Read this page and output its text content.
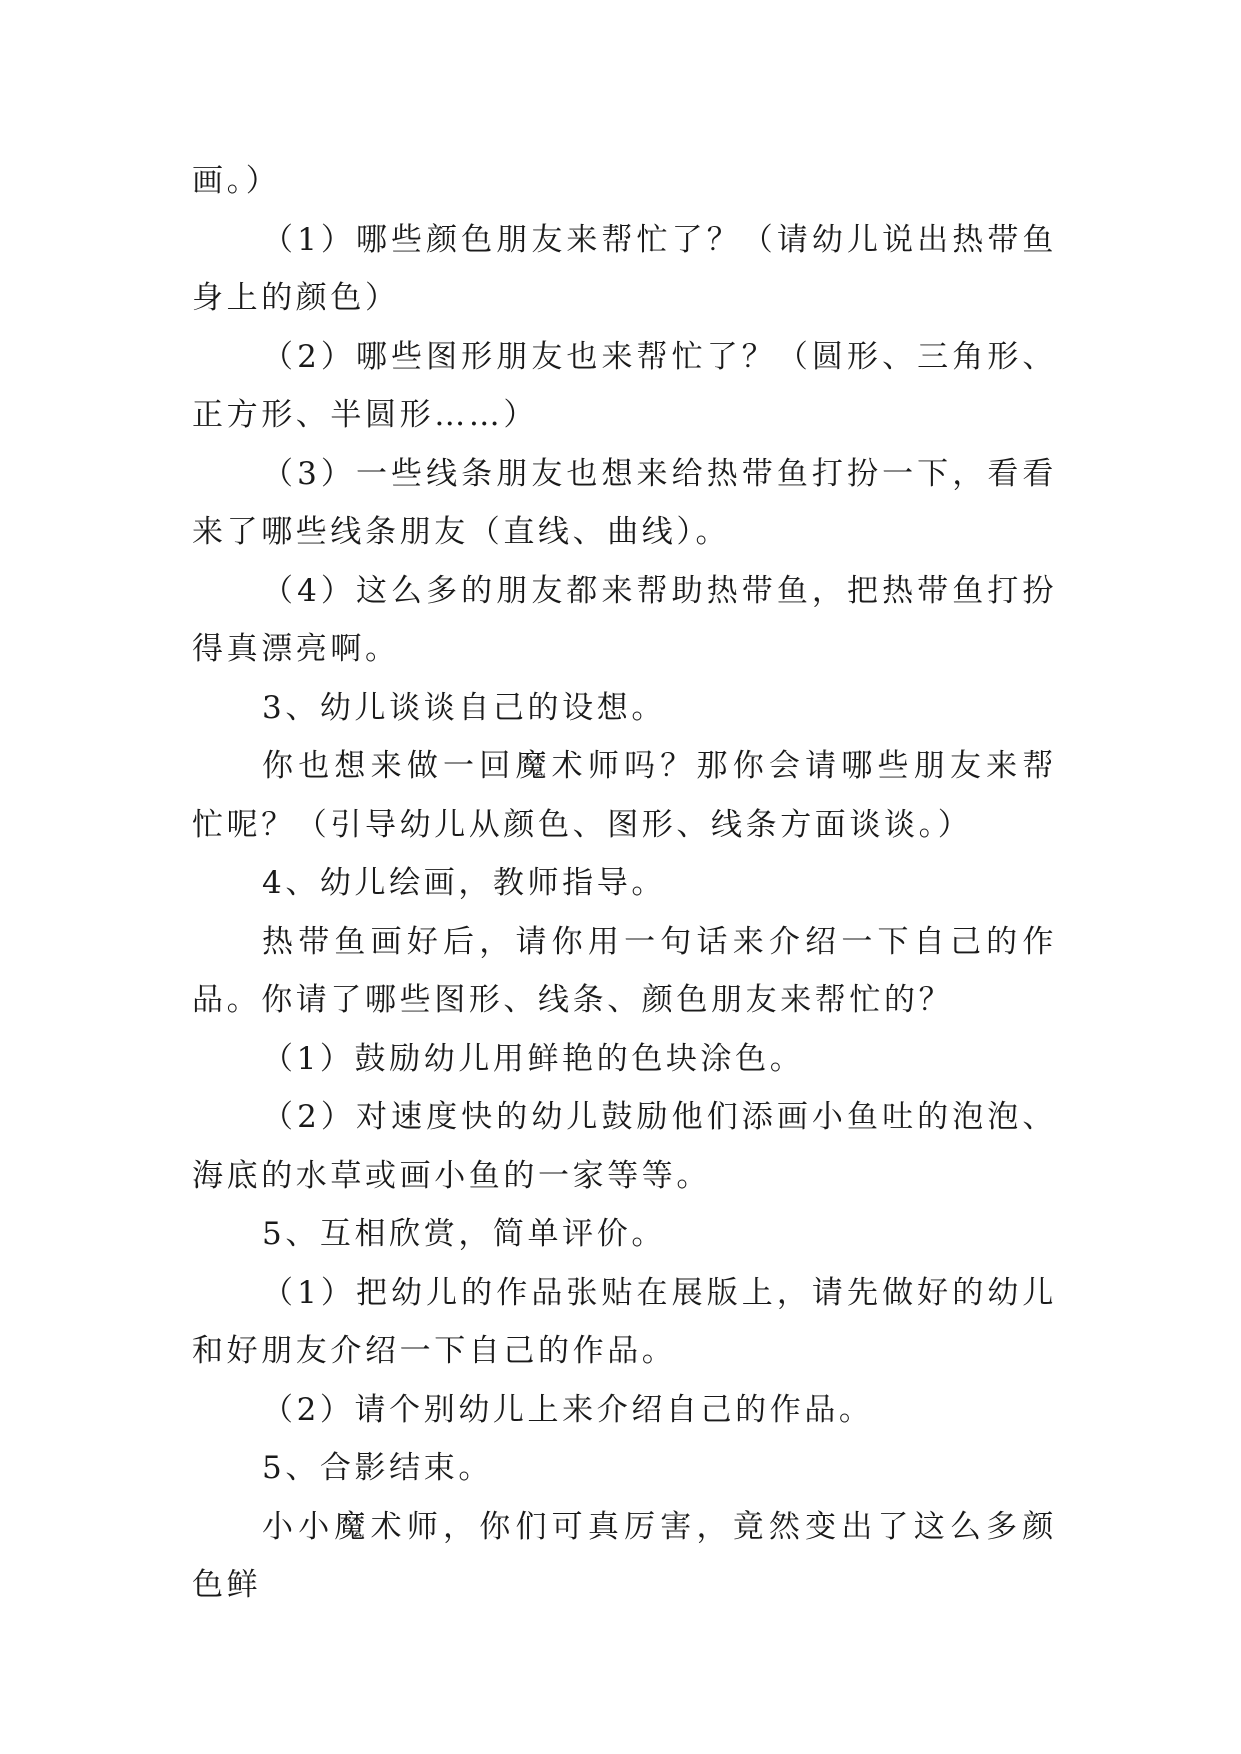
画。）

（1）哪些颜色朋友来帮忙了？（请幼儿说出热带鱼身上的颜色）

（2）哪些图形朋友也来帮忙了？（圆形、三角形、正方形、半圆形……）

（3）一些线条朋友也想来给热带鱼打扮一下，看看来了哪些线条朋友（直线、曲线）。

（4）这么多的朋友都来帮助热带鱼，把热带鱼打扮得真漂亮啊。

3、幼儿谈谈自己的设想。

你也想来做一回魔术师吗？那你会请哪些朋友来帮忙呢？（引导幼儿从颜色、图形、线条方面谈谈。）

4、幼儿绘画，教师指导。

热带鱼画好后，请你用一句话来介绍一下自己的作品。你请了哪些图形、线条、颜色朋友来帮忙的？

（1）鼓励幼儿用鲜艳的色块涂色。

（2）对速度快的幼儿鼓励他们添画小鱼吐的泡泡、海底的水草或画小鱼的一家等等。

5、互相欣赏，简单评价。

（1）把幼儿的作品张贴在展版上，请先做好的幼儿和好朋友介绍一下自己的作品。

（2）请个别幼儿上来介绍自己的作品。

5、合影结束。

小小魔术师，你们可真厉害，竟然变出了这么多颜色鲜
